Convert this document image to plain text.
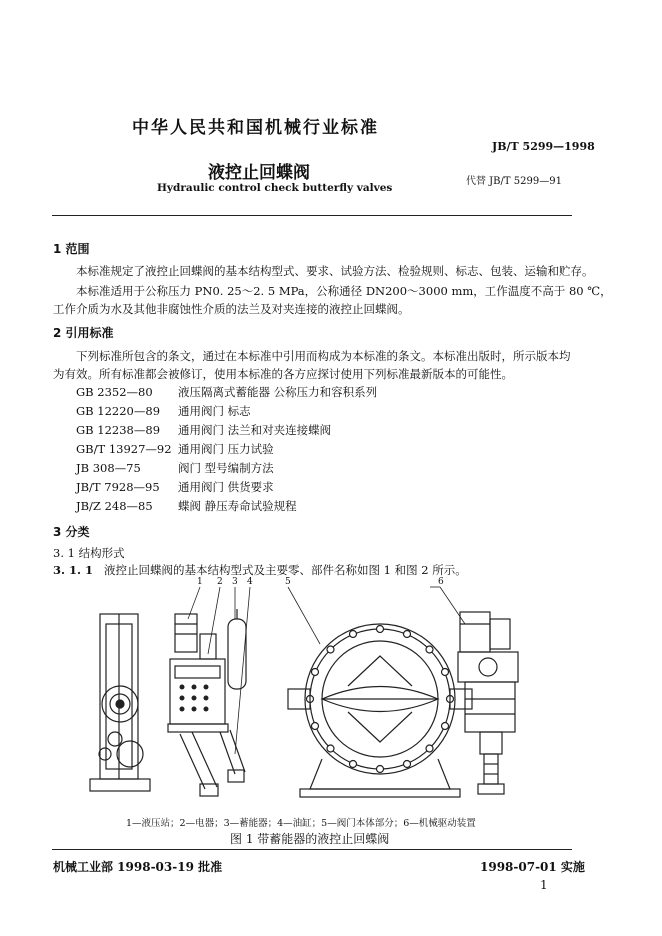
中华人民共和国机械行业标准
JB/T 5299—1998
液控止回蝶阀
Hydraulic control check butterfly valves
代替 JB/T 5299—91
1 范围
本标准规定了液控止回蝶阀的基本结构型式、要求、试验方法、检验规则、标志、包装、运输和贮存。
本标准适用于公称压力 PN0. 25～2. 5 MPa，公称通径 DN200～3000 mm，工作温度不高于 80 ℃，
工作介质为水及其他非腐蚀性介质的法兰及对夹连接的液控止回蝶阀。
2 引用标准
下列标准所包含的条文，通过在本标准中引用而构成为本标准的条文。本标准出版时，所示版本均
为有效。所有标准都会被修订，使用本标准的各方应探讨使用下列标准最新版本的可能性。
GB 2352—80	液压隔离式蓄能器 公称压力和容积系列
GB 12220—89	通用阀门 标志
GB 12238—89	通用阀门 法兰和对夹连接蝶阀
GB/T 13927—92 通用阀门 压力试验
JB 308—75	阀门 型号编制方法
JB/T 7928—95	通用阀门 供货要求
JB/Z 248—85	蝶阀 静压寿命试验规程
3 分类
3. 1 结构形式
3. 1. 1 液控止回蝶阀的基本结构型式及主要零、部件名称如图 1 和图 2 所示。
1 2 3 4	5	6
1—液压站；2—电器；3—蓄能器；4—油缸；5—阀门本体部分；6—机械驱动装置
图 1 带蓄能器的液控止回蝶阀
机械工业部 1998-03-19 批准	1998-07-01 实施
1
